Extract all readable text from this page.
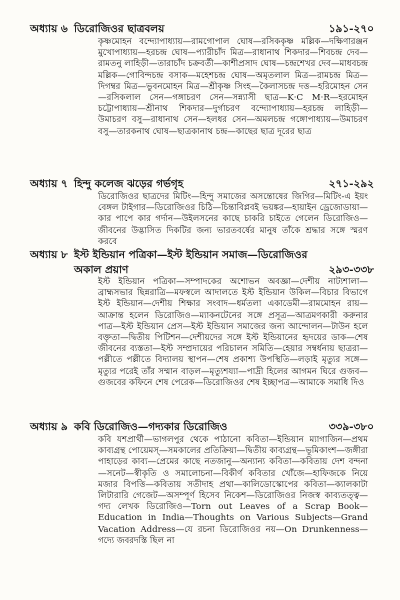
অধ্যায় ৬ ডিরোজিওর ছাত্রবলয়	১৯১-২৭০

কৃষ্ণমোহন বন্দ্যোপাধ্যায়—রামগোপাল ঘোষ—রসিককৃষ্ণ মল্লিক—দক্ষিণারঞ্জন মুখোপাধ্যায়—হরচন্দ্র ঘোষ—প্যারীচাঁদ মিত্র—রাধানাথ শিকদার—শিবচন্দ্র দেব—রামতনু লাহিড়ী—তারাচাঁদ চক্রবর্তী—কাশীপ্রসাদ ঘোষ—চন্দ্রশেখর দেব—মাধবচন্দ্র মল্লিক—গোবিন্দচন্দ্র বসাক—মহেশচন্দ্র ঘোষ—অমৃতলাল মিত্র—রামচন্দ্র মিত্র—দিগম্বর মিত্র—ভুবনমোহন মিত্র—শ্রীকৃষ্ণ সিংহ—কৈলাসচন্দ্র দত্ত—হরিমোহন সেন—রসিকলাল সেন—গঙ্গাচরণ সেন—সন্ন্যাসী ছাত্র—K·C M·R—হরমোহন চট্টোপাধ্যায়—শ্রীনাথ শিকদার—দুর্গাচরণ বন্দ্যোপাধ্যায়—হরচন্দ্র লাহিড়ী—উমাচরণ বসু—রাধানাথ সেন—হলধর সেন—অমলচন্দ্র গঙ্গোপাধ্যায়—উমাচরণ বসু—তারকনাথ ঘোষ—ছাত্রকানাথ চন্দ্র—কাছের ছাত্র দূরের ছাত্র

অধ্যায় ৭ হিন্দু কলেজ ঝড়ের গর্ভগৃহ	২৭১-২৯২

ডিরোজিওর ছাত্রদের মিটিং—হিন্দু সমাজের অসন্তোষের জিগির—মিটিং-এ ইয়ং বেঙ্গল টাইগার—ডিরোজিওর চিঠি—চিন্তাবিপ্লবই ভয়ঙ্কর—হায়াইন ড্রেজোডায়া—কার পাপে কার গর্দান—উইলসনের কাছে চাকরি চাইতে গেলেন ডিরোজিও—জীবনের উদ্ভাসিত দিকটির জন্য ভারতবর্ষের মানুষ তাঁকে শ্রদ্ধার সঙ্গে স্মরণ করবে

অধ্যায় ৮ ইস্ট ইন্ডিয়ান পত্রিকা—ইস্ট ইন্ডিয়ান সমাজ—ডিরোজিওর
অকাল প্রয়াণ	২৯৩-৩৩৮

ইস্ট ইন্ডিয়ান পত্রিকা—সম্পাদকের অশোভন অবজ্ঞা—দেশীয় নাট্যশালা—ব্রাহ্মসভার ছিন্নরাত্রি—মফস্বলে আদালতে ইস্ট ইন্ডিয়ান উকিল—বিচার বিভাগে ইস্ট ইন্ডিয়ান—দেশীয় শিক্ষার সংবাদ—ধর্মতলা একাডেমী—রামমোহন রায়—আক্রান্ত হলেন ডিরোজিও—ম্যাকনটেনের সঙ্গে প্রসূত্র—আত্রমণকারী করুনার পাত্র—ইস্ট ইন্ডিয়ান প্রেস—ইস্ট ইন্ডিয়ান সমাজের জন্য আন্দোলন—টাউন হলে বক্তৃতা—দ্বিতীয় পিটিশন—দেশীয়দের সঙ্গে ইস্ট ইন্ডিয়ানের হৃদয়ের ডাক—শেষ জীবনের ব্যস্ততা—ইস্ট সম্প্রদায়ের পরিচালন সমিতি—হেয়ার সম্বর্ধনায় ছাত্ররা—পল্লীতে পল্লীতে বিদ্যালয় স্থাপন—শেষ প্রকাশ্য উপস্থিতি—লড়াই মৃত্যুর সঙ্গে—মৃত্যুর পরেই তাঁর সম্মান বাড়ল—মৃত্যুশয্যা—পাদ্রী হিলের আগমন ঘিরে গুজব—গুজবের কফিনে শেষ পেরেক—ডিরোজিওর শেষ ইচ্ছাপত্র—আমাকে সমাধি দিও

অধ্যায় ৯ কবি ডিরোজিও—গদ্যকার ডিরোজিও	৩৩৯-৩৮০

কবি যশপ্রার্থী—ভাগলপুর থেকে পাঠানো কবিতা—ইন্ডিয়ান ম্যাগাজিন—প্রথম কাব্যগ্রন্থ পোয়েমস্—সমকালের প্রতিক্রিয়া—দ্বিতীয় কাব্যগ্রন্থ—ভূমিকাংশ—জঙ্গীরা পাহাড়ের কাব্য—প্রেমের কাছে নতজানু—অন্যান্য কবিতা—কবিতায় দেশ বন্দনা—সনেট—স্বীকৃতি ও সমালোচনা—বিকীর্ণ কবিতার খোঁজে—হাফিজকে নিয়ে মজার বিপত্তি—কবিতায় সতীদাহ প্রথা—কালিডোস্কোপের কবিতা—ক্যালকাটা লিটারারি গেজেট—অসম্পূর্ণ হিসেব নিকেশ—ডিরোজিওর নিজস্ব কাব্যতত্ত্ব—গদ্য লেখক ডিরোজিও—Torn out Leaves of a Scrap Book—Education in India—Thoughts on Various Subjects—Grand Vacation Address—যে রচনা ডিরোজিওর নয়—On Drunkenness—গদ্যে জবরদস্তি ছিল না
